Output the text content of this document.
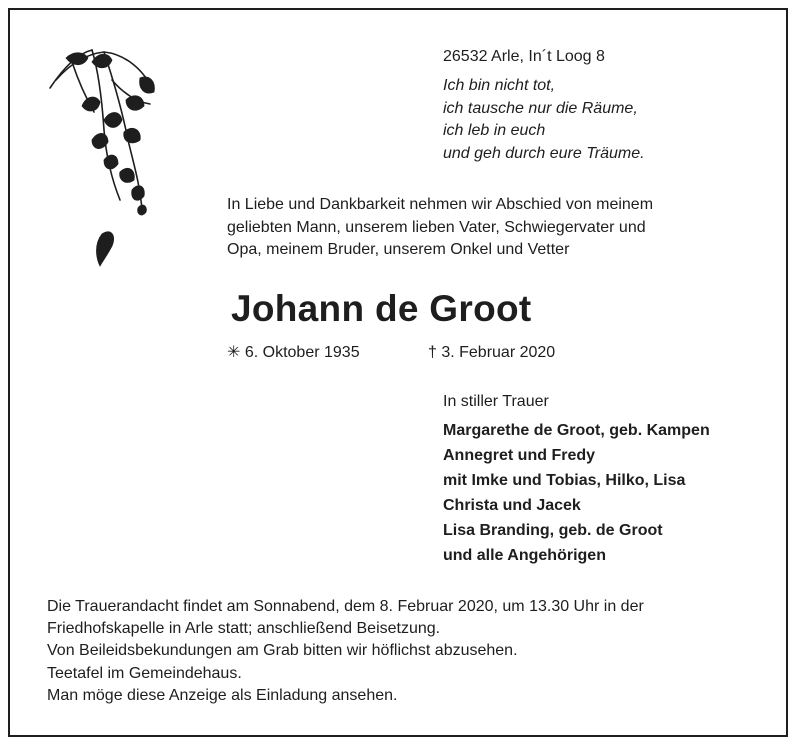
26532 Arle, In´t Loog 8
Ich bin nicht tot,
ich tausche nur die Räume,
ich leb in euch
und geh durch eure Träume.
In Liebe und Dankbarkeit nehmen wir Abschied von meinem
geliebten Mann, unserem lieben Vater, Schwiegervater und
Opa, meinem Bruder, unserem Onkel und Vetter
Johann de Groot
✳ 6. Oktober 1935	† 3. Februar 2020
In stiller Trauer
Margarethe de Groot, geb. Kampen
Annegret und Fredy
mit Imke und Tobias, Hilko, Lisa
Christa und Jacek
Lisa Branding, geb. de Groot
und alle Angehörigen
Die Trauerandacht findet am Sonnabend, dem 8. Februar 2020, um 13.30 Uhr in der
Friedhofskapelle in Arle statt; anschließend Beisetzung.
Von Beileidsbekundungen am Grab bitten wir höflichst abzusehen.
Teetafel im Gemeindehaus.
Man möge diese Anzeige als Einladung ansehen.
